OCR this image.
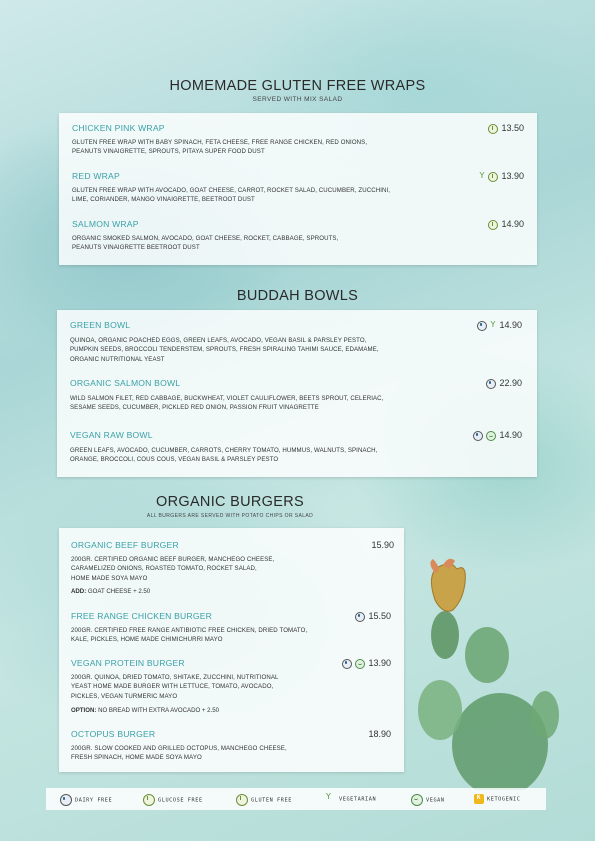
HOMEMADE GLUTEN FREE WRAPS
SERVED WITH MIX SALAD
CHICKEN PINK WRAP	13.50
GLUTEN FREE WRAP WITH BABY SPINACH, FETA CHEESE, FREE RANGE CHICKEN, RED ONIONS,
PEANUTS VINAIGRETTE, SPROUTS, PITAYA SUPER FOOD DUST
RED WRAP Y	13.90
GLUTEN FREE WRAP WITH AVOCADO, GOAT CHEESE, CARROT, ROCKET SALAD, CUCUMBER, ZUCCHINI,
LIME, CORIANDER, MANGO VINAIGRETTE, BEETROOT DUST
SALMON WRAP	14.90
ORGANIC SMOKED SALMON, AVOCADO, GOAT CHEESE, ROCKET, CABBAGE, SPROUTS,
PEANUTS VINAIGRETTE BEETROOT DUST
BUDDAH BOWLS
GREEN BOWL Y	14.90
QUINOA, ORGANIC POACHED EGGS, GREEN LEAFS, AVOCADO, VEGAN BASIL & PARSLEY PESTO,
PUMPKIN SEEDS, BROCCOLI TENDERSTEM, SPROUTS, FRESH SPIRALING TAHIMI SAUCE, EDAMAME,
ORGANIC NUTRITIONAL YEAST
ORGANIC SALMON BOWL	22.90
WILD SALMON FILET, RED CABBAGE, BUCKWHEAT, VIOLET CAULIFLOWER, BEETS SPROUT, CELERIAC,
SESAME SEEDS, CUCUMBER, PICKLED RED ONION, PASSION FRUIT VINAGRETTE
VEGAN RAW BOWL	14.90
GREEN LEAFS, AVOCADO, CUCUMBER, CARROTS, CHERRY TOMATO, HUMMUS, WALNUTS, SPINACH,
ORANGE, BROCCOLI, COUS COUS, VEGAN BASIL & PARSLEY PESTO
ORGANIC BURGERS
ALL BURGERS ARE SERVED WITH POTATO CHIPS OR SALAD
ORGANIC BEEF BURGER	15.90
200GR. CERTIFIED ORGANIC BEEF BURGER, MANCHEGO CHEESE,
CARAMELIZED ONIONS, ROASTED TOMATO, ROCKET SALAD,
HOME MADE SOYA MAYO
ADD: GOAT CHEESE + 2.50
FREE RANGE CHICKEN BURGER	15.50
200GR. CERTIFIED FREE RANGE ANTIBIOTIC FREE CHICKEN, DRIED TOMATO,
KALE, PICKLES, HOME MADE CHIMICHURRI MAYO
VEGAN PROTEIN BURGER	13.90
200GR. QUINOA, DRIED TOMATO, SHITAKE, ZUCCHINI, NUTRITIONAL
YEAST HOME MADE BURGER WITH LETTUCE, TOMATO, AVOCADO,
PICKLES, VEGAN TURMERIC MAYO
OPTION: NO BREAD WITH EXTRA AVOCADO + 2.50
OCTOPUS BURGER	18.90
200GR. SLOW COOKED AND GRILLED OCTOPUS, MANCHEGO CHEESE,
FRESH SPINACH, HOME MADE SOYA MAYO
DAIRY FREE	GLUCOSE FREE	GLUTEN FREE Y	VEGETARIAN	VEGAN	K KETOGENIC
